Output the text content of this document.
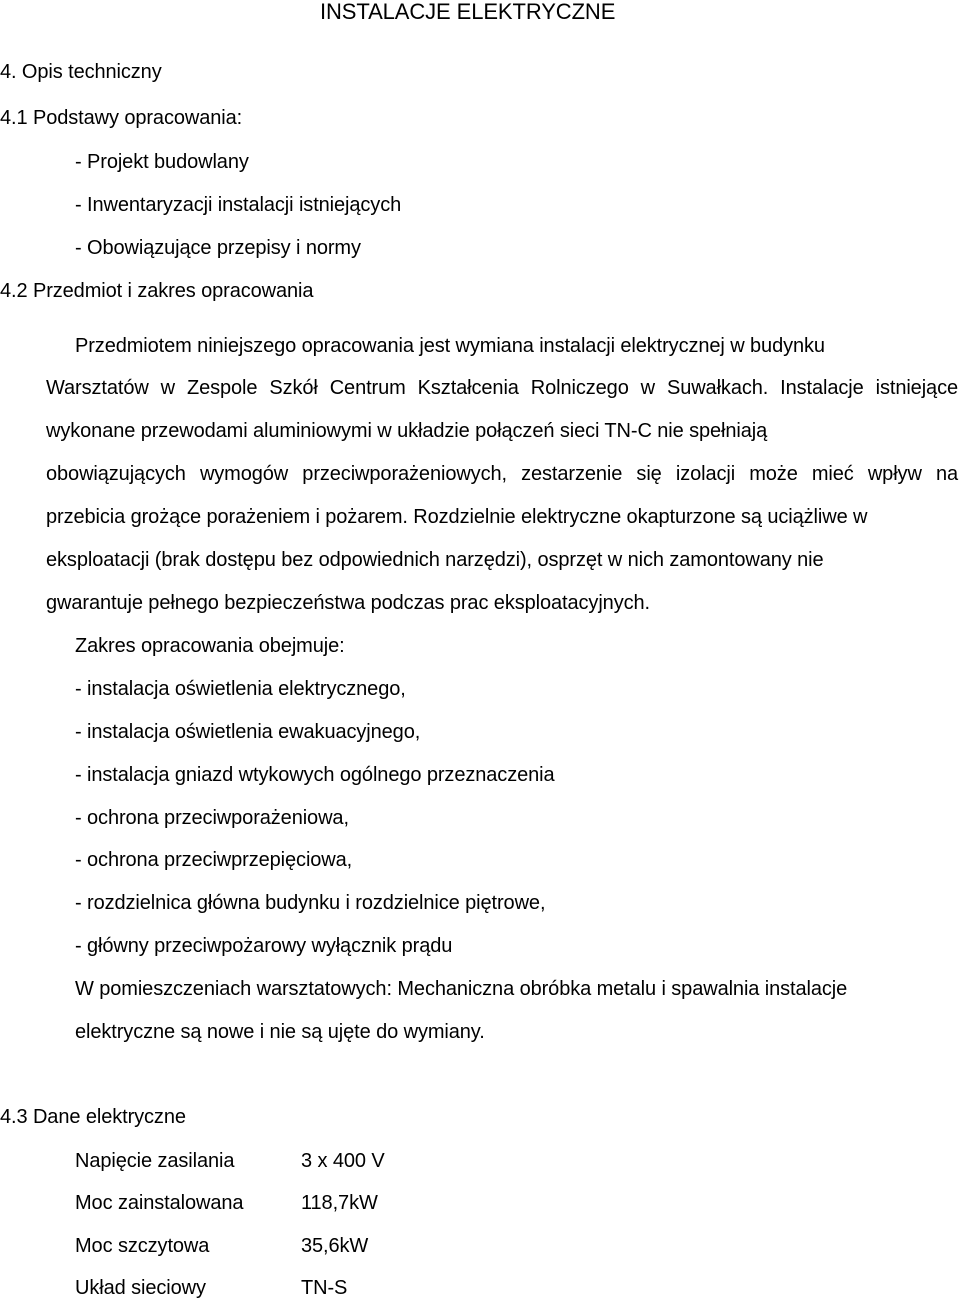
INSTALACJE ELEKTRYCZNE
4. Opis techniczny
4.1 Podstawy opracowania:
- Projekt budowlany
- Inwentaryzacji instalacji istniejących
- Obowiązujące przepisy i normy
4.2 Przedmiot i zakres opracowania
Przedmiotem niniejszego opracowania jest wymiana instalacji elektrycznej w budynku
Warsztatów w Zespole Szkół Centrum Kształcenia Rolniczego w Suwałkach. Instalacje istniejące
wykonane przewodami aluminiowymi w układzie połączeń sieci TN-C nie spełniają
obowiązujących wymogów przeciwporażeniowych, zestarzenie się izolacji może mieć wpływ na
przebicia grożące porażeniem i pożarem. Rozdzielnie elektryczne okapturzone są uciążliwe w
eksploatacji (brak dostępu bez odpowiednich narzędzi), osprzęt w nich zamontowany nie
gwarantuje pełnego bezpieczeństwa podczas prac eksploatacyjnych.
Zakres opracowania obejmuje:
- instalacja oświetlenia elektrycznego,
- instalacja oświetlenia ewakuacyjnego,
- instalacja gniazd wtykowych ogólnego przeznaczenia
- ochrona przeciwporażeniowa,
- ochrona przeciwprzepięciowa,
- rozdzielnica główna budynku i rozdzielnice piętrowe,
- główny przeciwpożarowy wyłącznik prądu
W pomieszczeniach warsztatowych: Mechaniczna obróbka metalu i spawalnia instalacje
elektryczne są nowe i nie są ujęte do wymiany.
4.3 Dane elektryczne
Napięcie zasilania	3 x 400 V
Moc zainstalowana	118,7kW
Moc szczytowa	35,6kW
Układ sieciowy	TN-S
